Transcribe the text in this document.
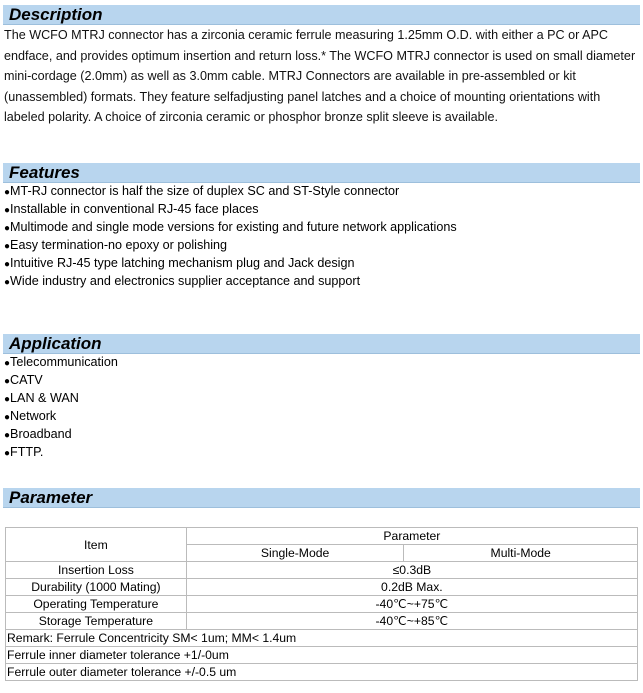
Description

The WCFO MTRJ connector has a zirconia ceramic ferrule measuring 1.25mm O.D. with either a PC or APC endface, and provides optimum insertion and return loss.* The WCFO MTRJ connector is used on small diameter mini-cordage (2.0mm) as well as 3.0mm cable. MTRJ Connectors are available in pre-assembled or kit (unassembled) formats. They feature selfadjusting panel latches and a choice of mounting orientations with labeled polarity. A choice of zirconia ceramic or phosphor bronze split sleeve is available.

Features
●MT-RJ connector is half the size of duplex SC and ST-Style connector
●Installable in conventional RJ-45 face places
●Multimode and single mode versions for existing and future network applications
●Easy termination-no epoxy or polishing
●Intuitive RJ-45 type latching mechanism plug and Jack design
●Wide industry and electronics supplier acceptance and support
Application
●Telecommunication
●CATV
●LAN & WAN
●Network
●Broadband
●FTTP.
Parameter
Item	Parameter	
	Single-Mode	Multi-Mode
Insertion Loss	≤0.3dB	
Durability (1000 Mating)	0.2dB Max.	
Operating Temperature	-40℃~+75℃	
Storage Temperature	-40℃~+85℃	
Remark: Ferrule Concentricity SM< 1um; MM< 1.4um		
Ferrule inner diameter tolerance +1/-0um		
Ferrule outer diameter tolerance +/-0.5 um		
